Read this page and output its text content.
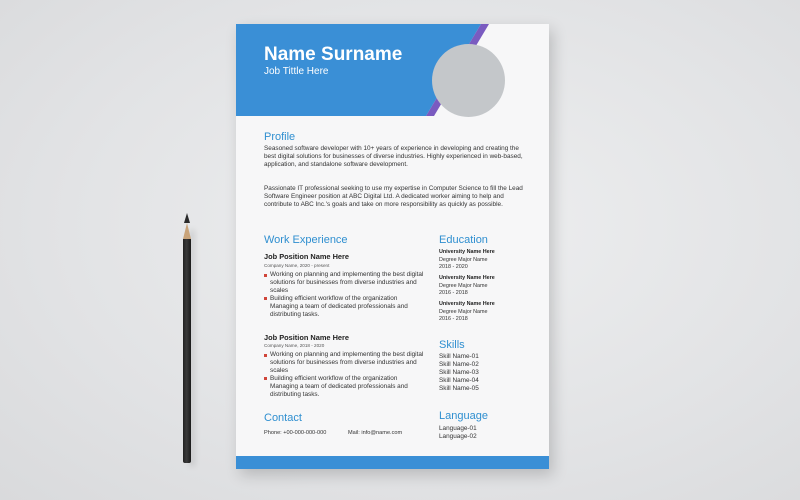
Name Surname
Job Tittle Here
Profile
Seasoned software developer with 10+ years of experience in developing and creating the best digital solutions for businesses of diverse industries. Highly experienced in web-based, application, and standalone software development.
Passionate IT professional seeking to use my expertise in Computer Science to fill the Lead Software Engineer position at ABC Digital Ltd. A dedicated worker aiming to help and contribute to ABC Inc.'s goals and take on more responsibility as quickly as possible.
Work Experience
Job Position Name Here
Company Name, 2020 - present
Working on planning and implementing the best digital solutions for businesses from diverse industries and scales
Building efficient workflow of the organization Managing a team of dedicated professionals and distributing tasks.
Job Position Name Here
Company Name, 2018 - 2020
Working on planning and implementing the best digital solutions for businesses from diverse industries and scales
Building efficient workflow of the organization Managing a team of dedicated professionals and distributing tasks.
Contact
Phone: +00-000-000-000	Mail: info@name.com
Education
University Name Here
Degree Major Name
2018 - 2020
University Name Here
Degree Major Name
2016 - 2018
University Name Here
Degree Major Name
2016 - 2018
Skills
Skill Name-01
Skill Name-02
Skill Name-03
Skill Name-04
Skill Name-05
Language
Language-01
Language-02
